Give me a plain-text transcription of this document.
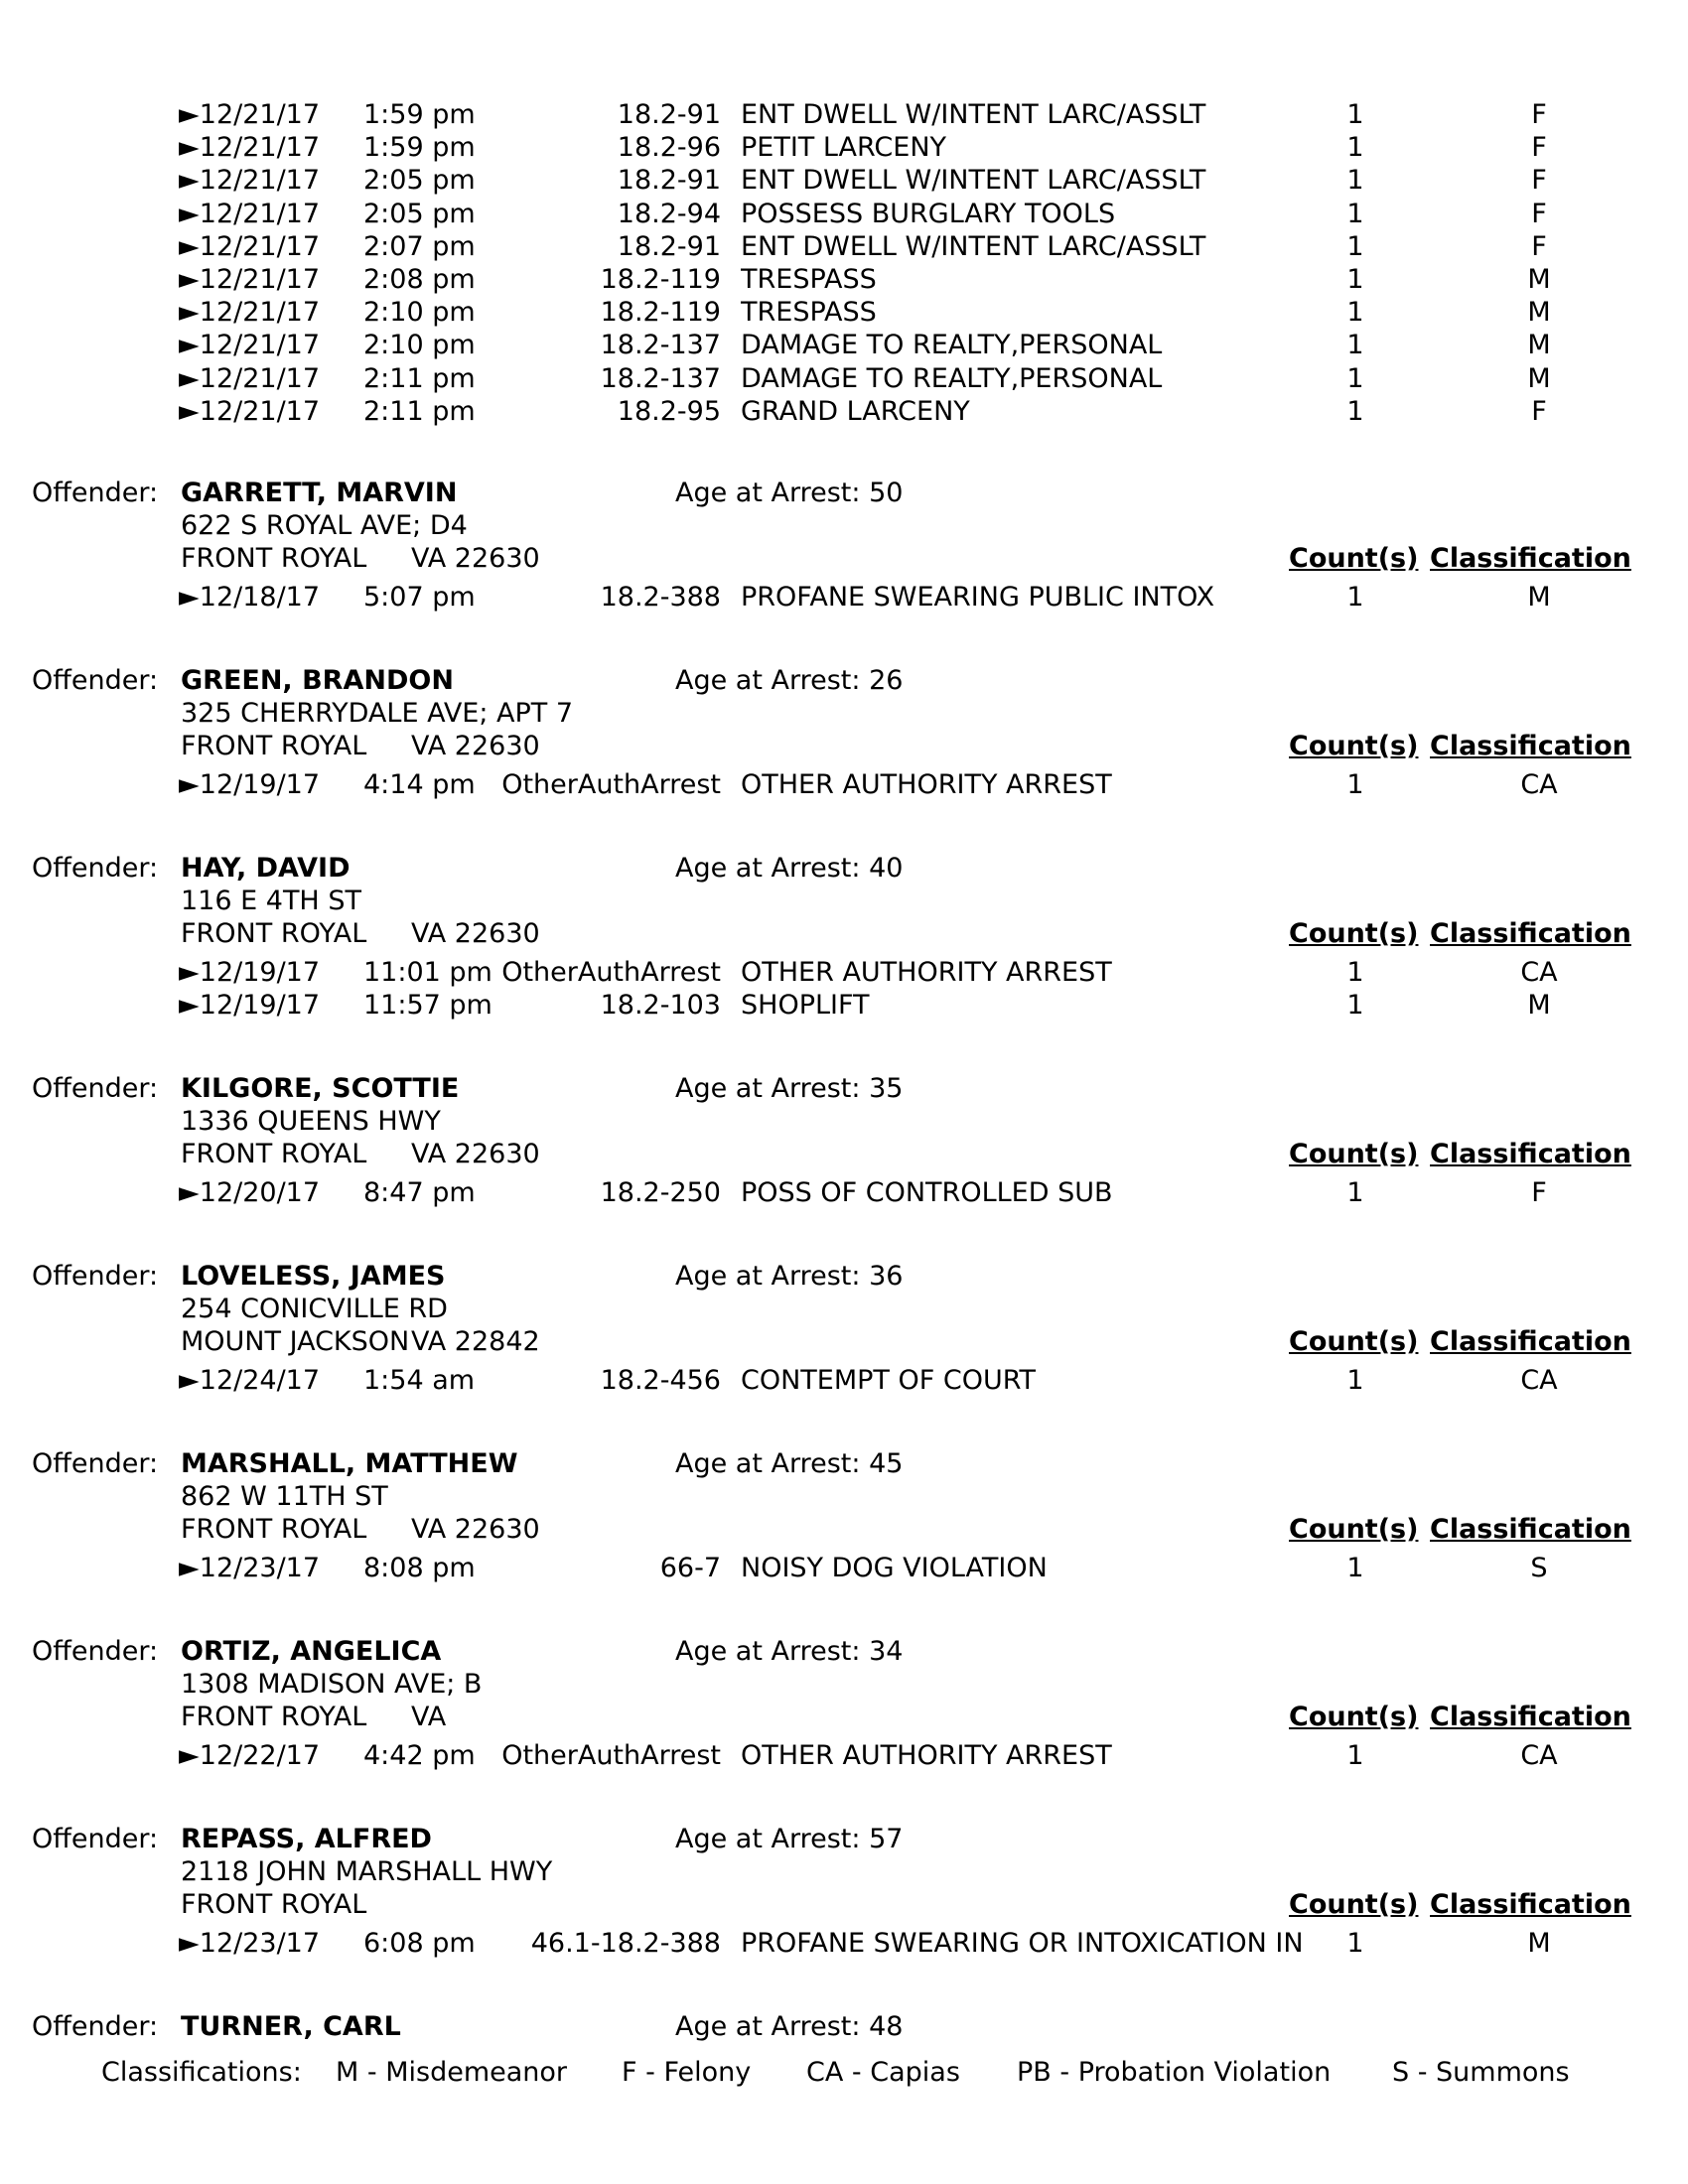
►12/21/17 1:59 pm	18.2-91 ENT DWELL W/INTENT LARC/ASSLT	1	F
►12/21/17 1:59 pm	18.2-96 PETIT LARCENY	1	F
►12/21/17 2:05 pm	18.2-91 ENT DWELL W/INTENT LARC/ASSLT	1	F
►12/21/17 2:05 pm	18.2-94 POSSESS BURGLARY TOOLS	1	F
►12/21/17 2:07 pm	18.2-91 ENT DWELL W/INTENT LARC/ASSLT	1	F
►12/21/17 2:08 pm	18.2-119 TRESPASS	1	M
►12/21/17 2:10 pm	18.2-119 TRESPASS	1	M
►12/21/17 2:10 pm	18.2-137 DAMAGE TO REALTY,PERSONAL	1	M
►12/21/17 2:11 pm	18.2-137 DAMAGE TO REALTY,PERSONAL	1	M
►12/21/17 2:11 pm	18.2-95 GRAND LARCENY	1	F
Offender: GARRETT, MARVIN	Age at Arrest: 50
622 S ROYAL AVE; D4
FRONT ROYAL VA 22630	Count(s) Classification
►12/18/17 5:07 pm	18.2-388 PROFANE SWEARING PUBLIC INTOX	1	M
Offender: GREEN, BRANDON	Age at Arrest: 26
325 CHERRYDALE AVE; APT 7
FRONT ROYAL VA 22630	Count(s) Classification
►12/19/17 4:14 pm OtherAuthArrest OTHER AUTHORITY ARREST	1	CA
Offender: HAY, DAVID	Age at Arrest: 40
116 E 4TH ST
FRONT ROYAL VA 22630	Count(s) Classification
►12/19/17 11:01 pm OtherAuthArrest OTHER AUTHORITY ARREST	1	CA
►12/19/17 11:57 pm	18.2-103 SHOPLIFT	1	M
Offender: KILGORE, SCOTTIE	Age at Arrest: 35
1336 QUEENS HWY
FRONT ROYAL VA 22630	Count(s) Classification
►12/20/17 8:47 pm	18.2-250 POSS OF CONTROLLED SUB	1	F
Offender: LOVELESS, JAMES	Age at Arrest: 36
254 CONICVILLE RD
MOUNT JACKSON VA 22842	Count(s) Classification
►12/24/17 1:54 am	18.2-456 CONTEMPT OF COURT	1	CA
Offender: MARSHALL, MATTHEW	Age at Arrest: 45
862 W 11TH ST
FRONT ROYAL VA 22630	Count(s) Classification
►12/23/17 8:08 pm	66-7 NOISY DOG VIOLATION	1	S
Offender: ORTIZ, ANGELICA	Age at Arrest: 34
1308 MADISON AVE; B
FRONT ROYAL VA	Count(s) Classification
►12/22/17 4:42 pm OtherAuthArrest OTHER AUTHORITY ARREST	1	CA
Offender: REPASS, ALFRED	Age at Arrest: 57
2118 JOHN MARSHALL HWY
FRONT ROYAL	Count(s) Classification
►12/23/17 6:08 pm	46.1-18.2-388 PROFANE SWEARING OR INTOXICATION IN	1	M
Offender: TURNER, CARL	Age at Arrest: 48
Classifications: M - Misdemeanor F - Felony CA - Capias PB - Probation Violation S - Summons
